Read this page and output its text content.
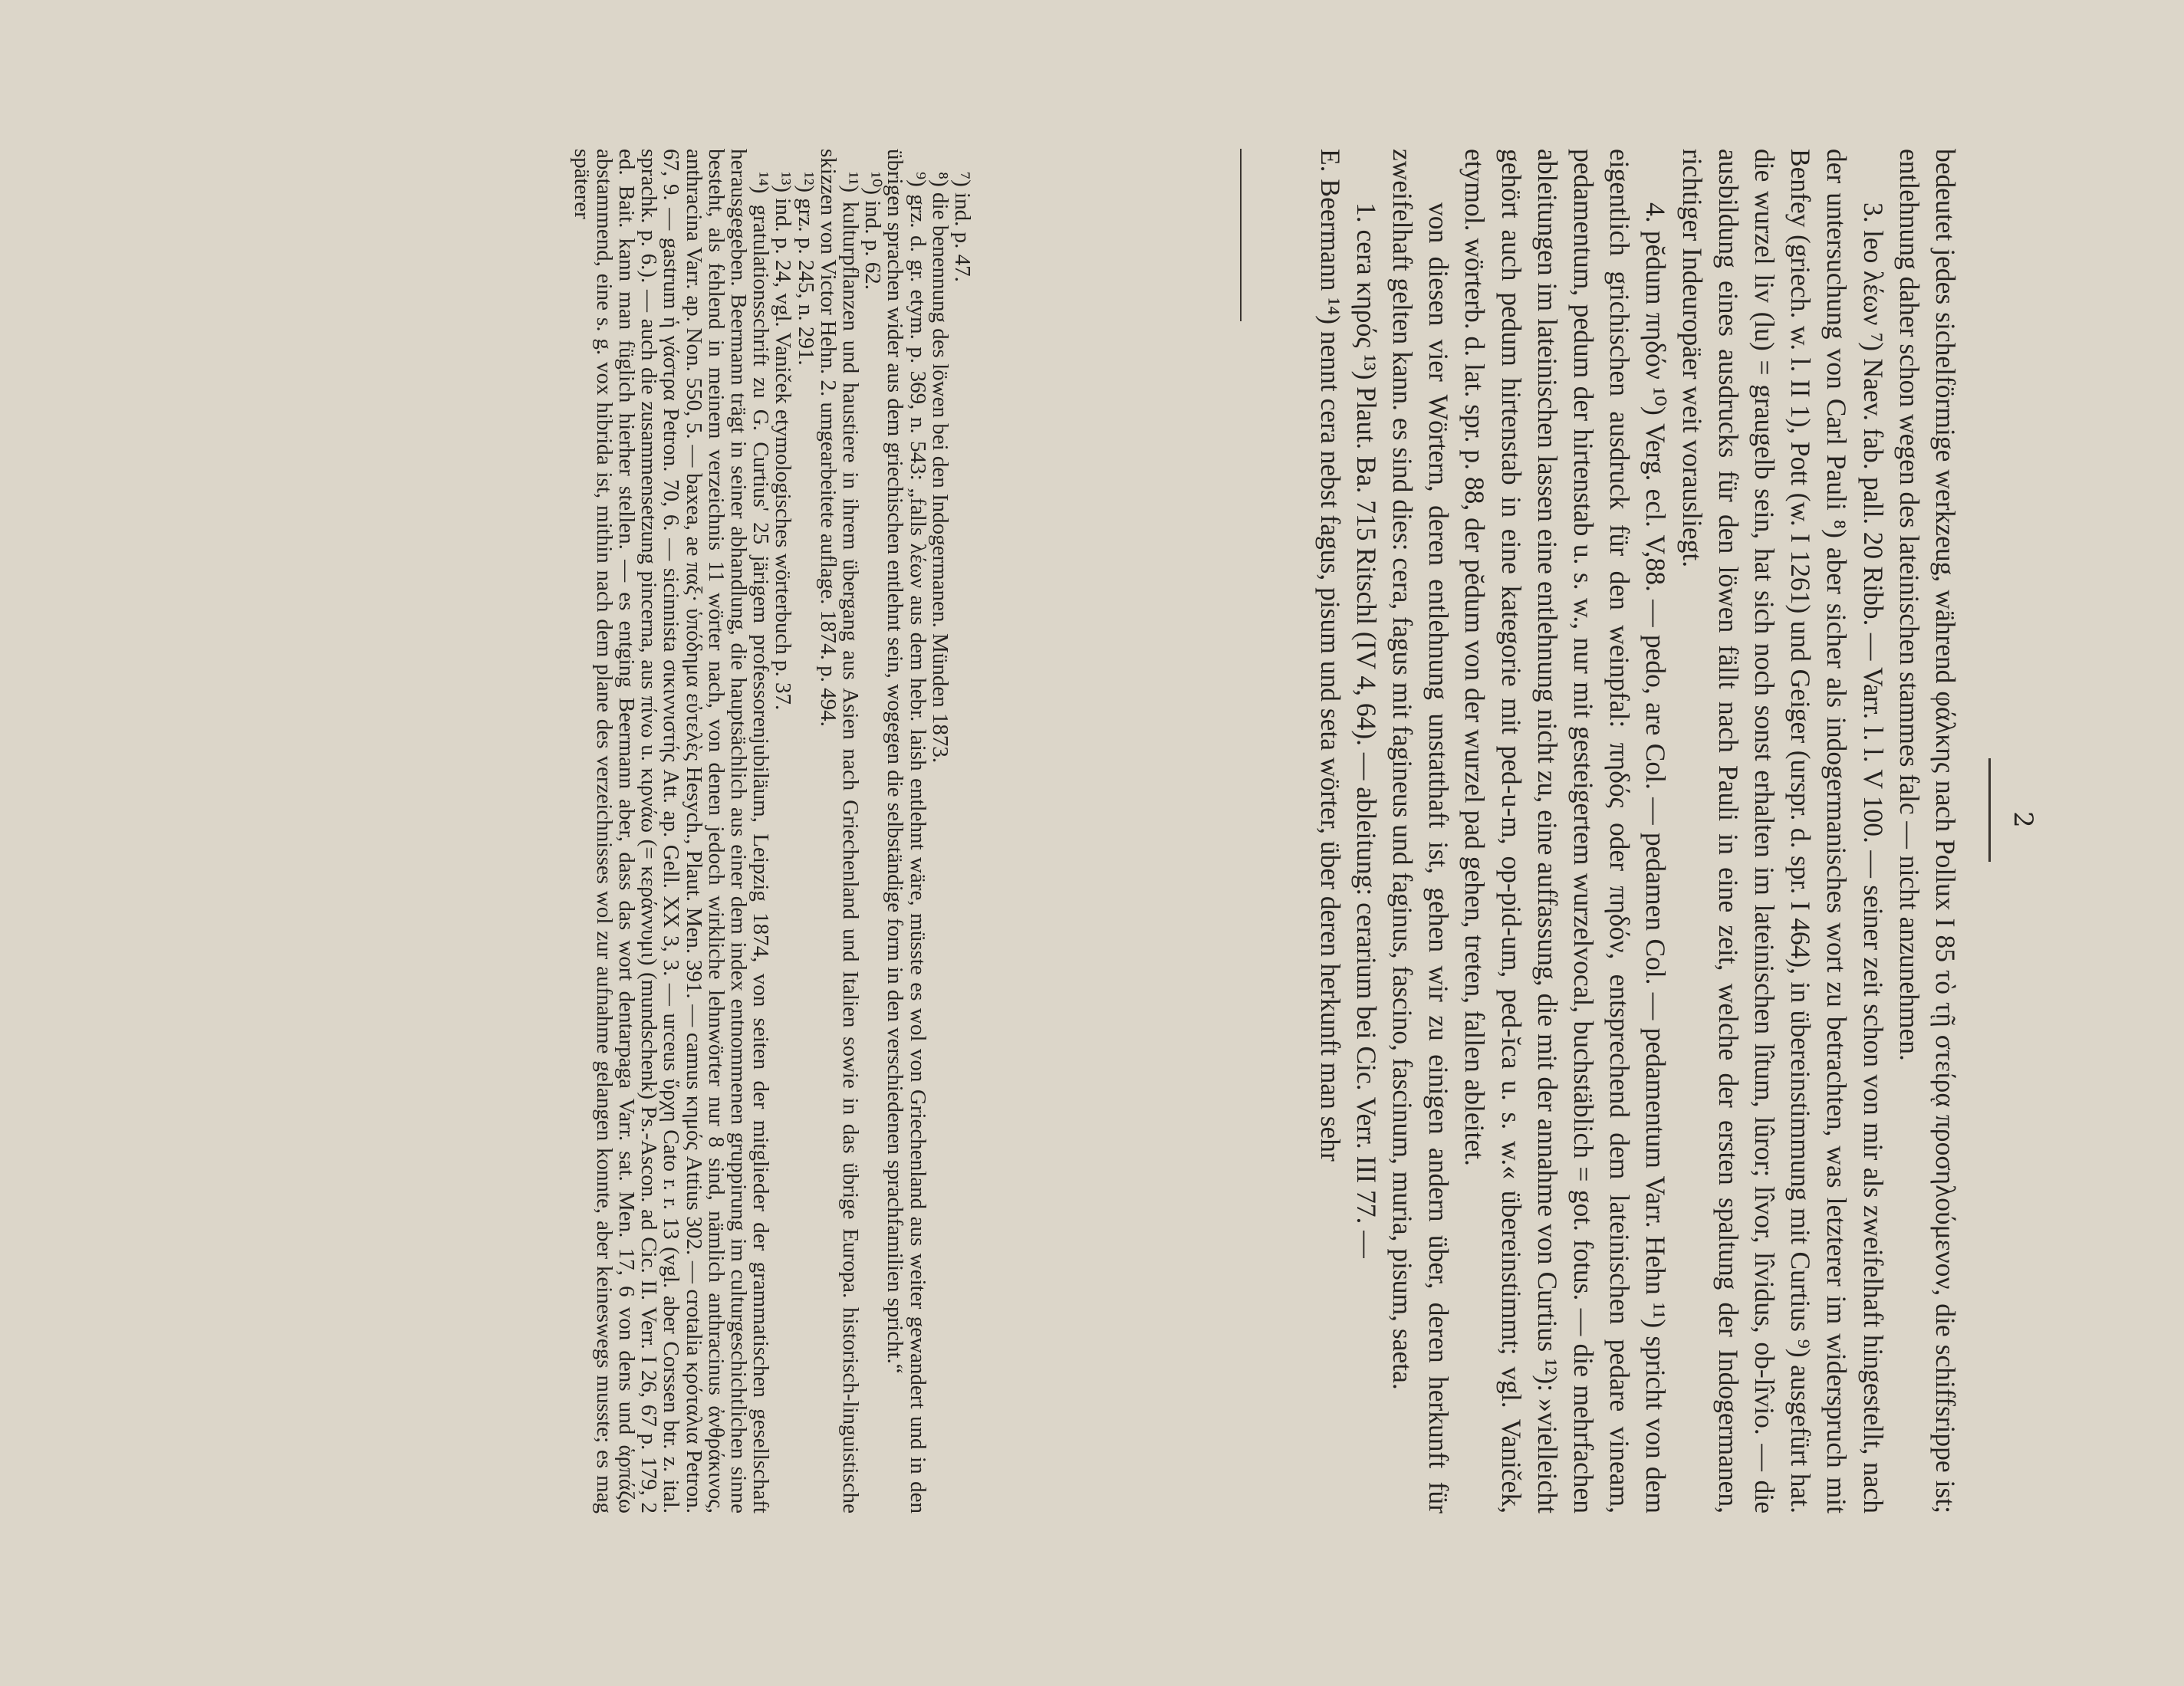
2

bedeutet jedes sichelförmige werkzeug, während φάλκης nach Pollux I 85 τὸ τῇ στείρᾳ προσηλούμενον, die schiffsrippe ist; entlehnung daher schon wegen des lateinischen stammes falc — nicht anzunehmen.

3. leo λέων ⁷) Naev. fab. pall. 20 Ribb. — Varr. l. l. V 100. — seiner zeit schon von mir als zweifelhaft hingestellt, nach der untersuchung von Carl Pauli ⁸) aber sicher als indogermanisches wort zu betrachten, was letzterer im widerspruch mit Benfey (griech. w. l. II 1), Pott (w. I 1261) und Geiger (urspr. d. spr. I 464), in übereinstimmung mit Curtius ⁹) ausgefürt hat. die wurzel liv (lu) = graugelb sein, hat sich noch sonst erhalten im lateinischen lîtum, lûror; lîvor, lîvidus, ob-lîvio. — die ausbildung eines ausdrucks für den löwen fällt nach Pauli in eine zeit, welche der ersten spaltung der Indogermanen, richtiger Indeuropäer weit vorausliegt.

4. pĕdum πηδόν ¹⁰) Verg. ecl. V,88. — pedo, are Col. — pedamen Col. — pedamentum Varr. Hehn ¹¹) spricht von dem eigentlich grichischen ausdruck für den weinpfal: πηδός oder πηδόν, entsprechend dem lateinischen pedare vineam, pedamentum, pedum der hirtenstab u. s. w., nur mit gesteigertem wurzelvocal, buchstäblich = got. fotus. — die mehrfachen ableitungen im lateinischen lassen eine entlehnung nicht zu, eine auffassung, die mit der annahme von Curtius ¹²): »vielleicht gehört auch pedum hirtenstab in eine kategorie mit ped-u-m, op-pid-um, ped-ĭca u. s. w.« übereinstimmt; vgl. Vaniček, etymol. wörterb. d. lat. spr. p. 88, der pĕdum von der wurzel pad gehen, treten, fallen ableitet.

von diesen vier Wörtern, deren entlehnung unstatthaft ist, gehen wir zu einigen andern über, deren herkunft für zweifelhaft gelten kann. es sind dies: cera, fagus mit fagineus und faginus, fascino, fascinum, muria, pisum, saeta.

1. cera κηρός ¹³) Plaut. Ba. 715 Ritschl (IV 4, 64). — ableitung: cerarium bei Cic. Verr. III 77. —

E. Beermann ¹⁴) nennt cera nebst fagus, pisum und seta wörter, über deren herkunft man sehr

⁷) ind. p. 47.

⁸) die benennung des löwen bei den Indogermanen. Münden 1873.

⁹) grz. d. gr. etym. p. 369, n. 543: „falls λέων aus dem hebr. laish entlehnt wäre, müsste es wol von Griechenland aus weiter gewandert und in den übrigen sprachen wider aus dem griechischen entlehnt sein, wogegen die selbständige form in den verschiedenen sprachfamilien spricht.“

¹⁰) ind. p. 62.

¹¹) kulturpflanzen und haustiere in ihrem übergang aus Asien nach Griechenland und Italien sowie in das übrige Europa. historisch-linguistische skizzen von Victor Hehn. 2. umgearbeitete auflage. 1874. p. 494.

¹²) grz. p. 245, n. 291.

¹³) ind. p. 24, vgl. Vaniček etymologisches wörterbuch p. 37.

¹⁴) gratulationsschrift zu G. Curtius' 25 järigem professorenjubiläum, Leipzig 1874, von seiten der mitglieder der grammatischen gesellschaft herausgegeben. Beermann trägt in seiner abhandlung, die hauptsächlich aus einer dem index entnommenen gruppirung im culturgeschichtlichen sinne besteht, als fehlend in meinem verzeichnis 11 wörter nach, von denen jedoch wirkliche lehnwörter nur 8 sind, nämlich anthracinus ἀνθράκινος, anthracina Varr. ap. Non. 550, 5. — baxea, ae παξ· ὑπόδημα εὐτελὲς Hesych., Plaut. Men. 391. — camus κημός Attius 302. — crotalia κρόταλια Petron. 67, 9. — gastrum ἡ γάστρα Petron. 70, 6. — sicinnista σικιννιστής Att. ap. Gell. XX 3, 3. — urceus ὕρχη Cato r. r. 13 (vgl. aber Corssen btr. z. ital. sprachk. p. 6.). — auch die zusammensetzung pincerna, aus πίνω u. κιρνάω (= κεράννυμι) (mundschenk) Ps.-Ascon. ad Cic. II. Verr. I 26, 67 p. 179, 2 ed. Bait. kann man füglich hierher stellen. — es entging Beermann aber, dass das wort dentarpaga Varr. sat. Men. 17, 6 von dens und ἁρπάζω abstammend, eine s. g. vox hibrida ist, mithin nach dem plane des verzeichnisses wol zur aufnahme gelangen konnte, aber keineswegs musste; es mag späterer
